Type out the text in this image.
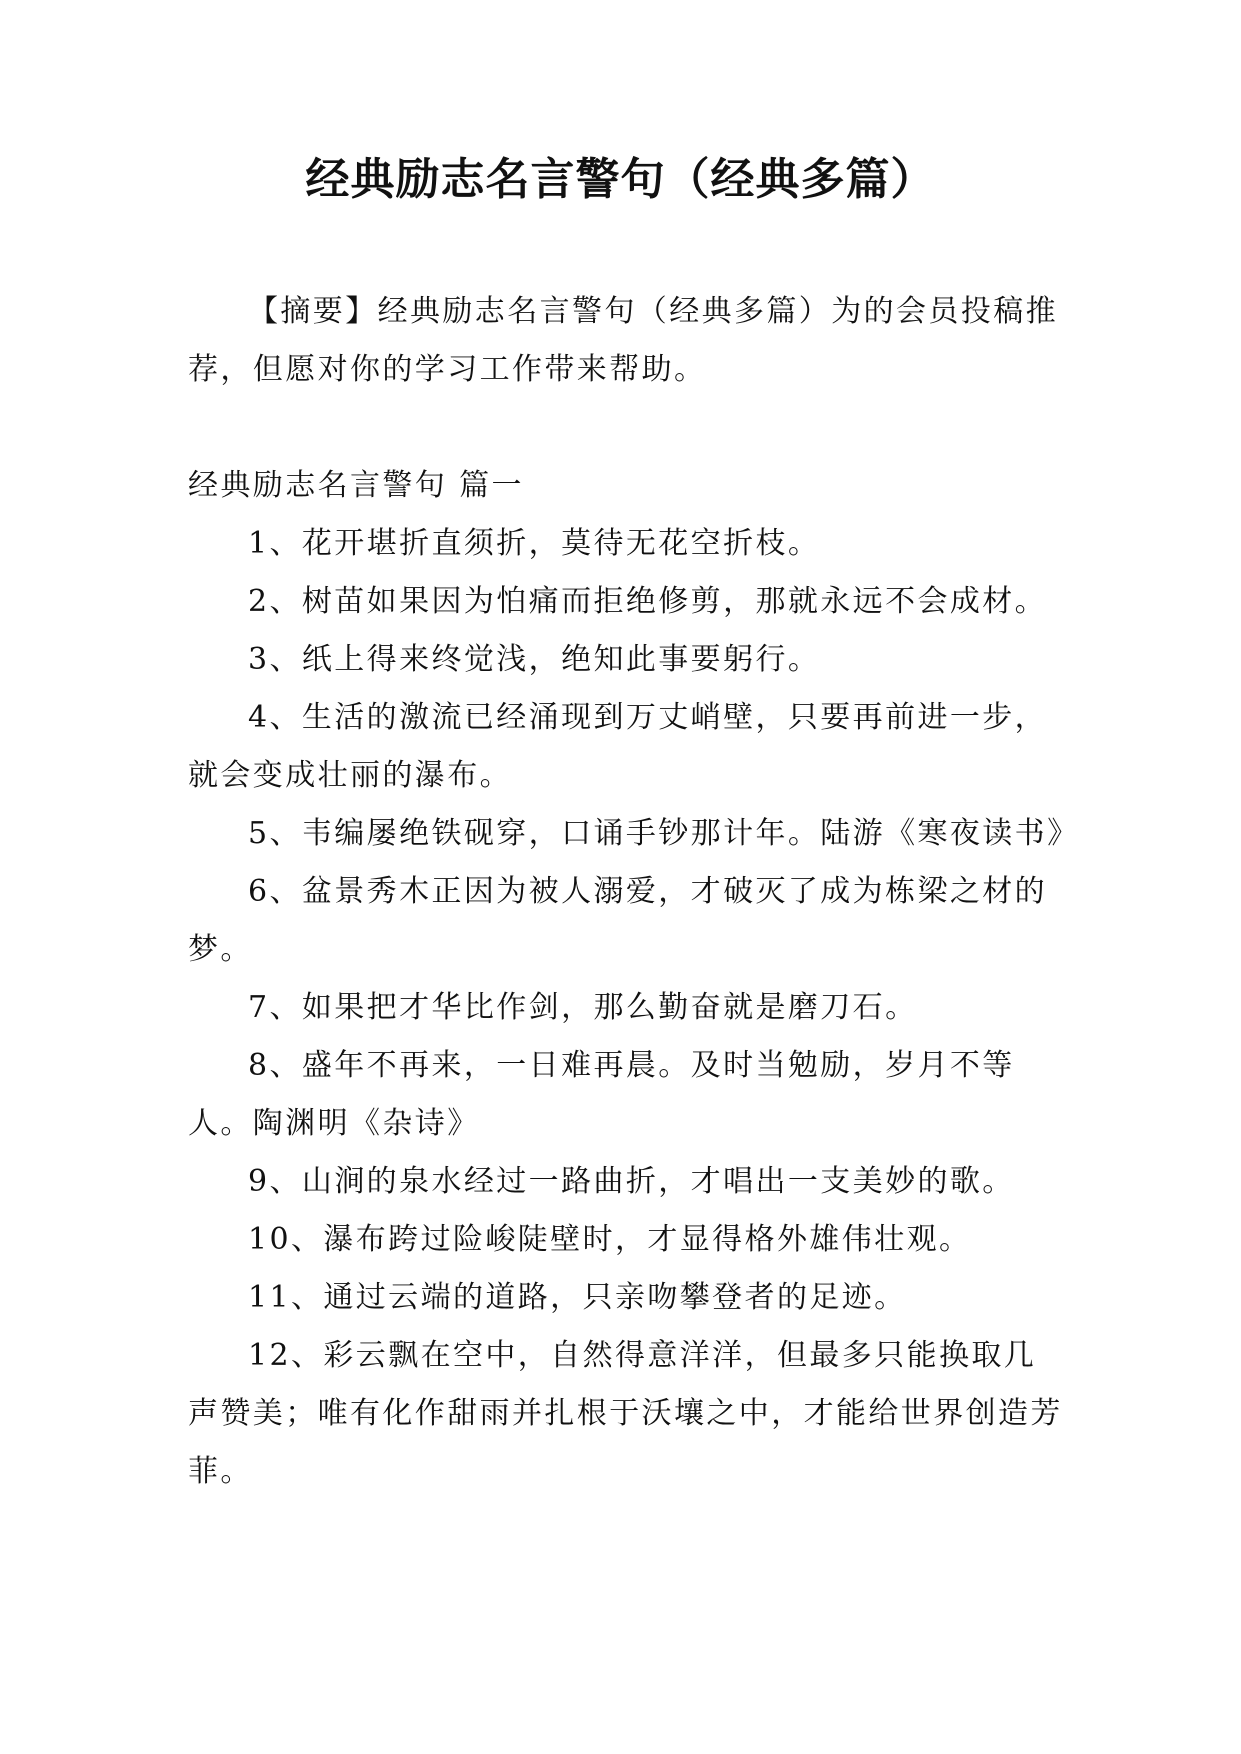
经典励志名言警句（经典多篇）

【摘要】经典励志名言警句（经典多篇）为的会员投稿推荐，但愿对你的学习工作带来帮助。

经典励志名言警句 篇一

1、花开堪折直须折，莫待无花空折枝。

2、树苗如果因为怕痛而拒绝修剪，那就永远不会成材。

3、纸上得来终觉浅，绝知此事要躬行。

4、生活的激流已经涌现到万丈峭壁，只要再前进一步，就会变成壮丽的瀑布。

5、韦编屡绝铁砚穿，口诵手钞那计年。陆游《寒夜读书》

6、盆景秀木正因为被人溺爱，才破灭了成为栋梁之材的梦。

7、如果把才华比作剑，那么勤奋就是磨刀石。

8、盛年不再来，一日难再晨。及时当勉励，岁月不等人。陶渊明《杂诗》

9、山涧的泉水经过一路曲折，才唱出一支美妙的歌。

10、瀑布跨过险峻陡壁时，才显得格外雄伟壮观。

11、通过云端的道路，只亲吻攀登者的足迹。

12、彩云飘在空中，自然得意洋洋，但最多只能换取几声赞美；唯有化作甜雨并扎根于沃壤之中，才能给世界创造芳菲。
